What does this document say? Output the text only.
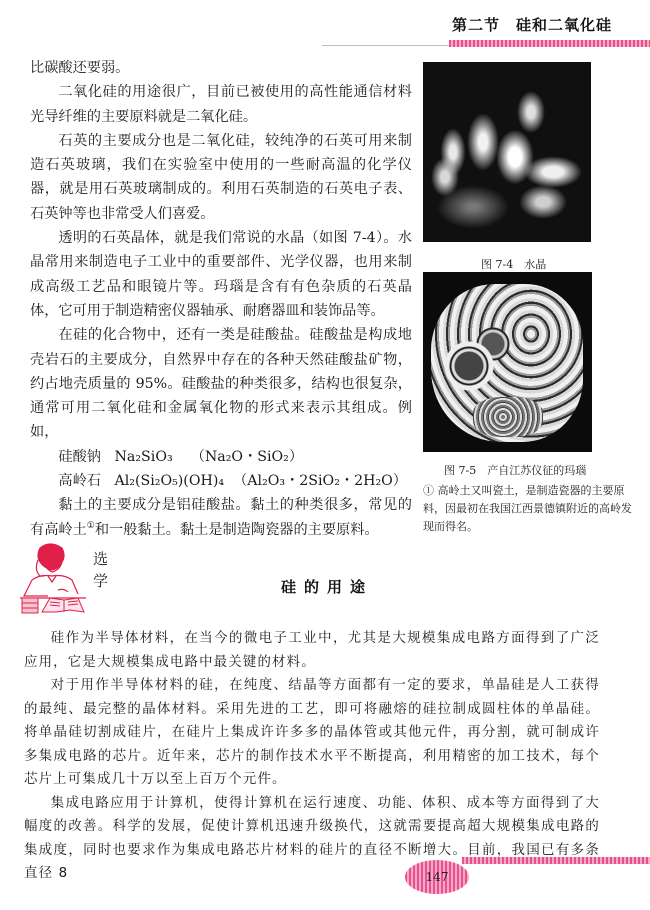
第二节　硅和二氧化硅

比碳酸还要弱。

二氧化硅的用途很广，目前已被使用的高性能通信材料光导纤维的主要原料就是二氧化硅。

石英的主要成分也是二氧化硅，较纯净的石英可用来制造石英玻璃，我们在实验室中使用的一些耐高温的化学仪器，就是用石英玻璃制成的。利用石英制造的石英电子表、石英钟等也非常受人们喜爱。

透明的石英晶体，就是我们常说的水晶（如图 7-4）。水晶常用来制造电子工业中的重要部件、光学仪器，也用来制成高级工艺品和眼镜片等。玛瑙是含有有色杂质的石英晶体，它可用于制造精密仪器轴承、耐磨器皿和装饰品等。

在硅的化合物中，还有一类是硅酸盐。硅酸盐是构成地壳岩石的主要成分，自然界中存在的各种天然硅酸盐矿物，约占地壳质量的 95%。硅酸盐的种类很多，结构也很复杂，通常可用二氧化硅和金属氧化物的形式来表示其组成。例如，

硅酸钠 Na₂SiO₃ （Na₂O・SiO₂）
高岭石 Al₂(Si₂O₅)(OH)₄ （Al₂O₃・2SiO₂・2H₂O）

黏土的主要成分是铝硅酸盐。黏土的种类很多，常见的有高岭土①和一般黏土。黏土是制造陶瓷器的主要原料。

图 7-4　水晶
图 7-5　产自江苏仪征的玛瑙

① 高岭土又叫瓷土，是制造瓷器的主要原料，因最初在我国江西景德镇附近的高岭发现而得名。

选
学	硅的用途

硅作为半导体材料，在当今的微电子工业中，尤其是大规模集成电路方面得到了广泛应用，它是大规模集成电路中最关键的材料。

对于用作半导体材料的硅，在纯度、结晶等方面都有一定的要求，单晶硅是人工获得的最纯、最完整的晶体材料。采用先进的工艺，即可将融熔的硅拉制成圆柱体的单晶硅。将单晶硅切割成硅片，在硅片上集成许许多多的晶体管或其他元件，再分割，就可制成许多集成电路的芯片。近年来，芯片的制作技术水平不断提高，利用精密的加工技术，每个芯片上可集成几十万以至上百万个元件。

集成电路应用于计算机，使得计算机在运行速度、功能、体积、成本等方面得到了大幅度的改善。科学的发展，促使计算机迅速升级换代，这就需要提高超大规模集成电路的集成度，同时也要求作为集成电路芯片材料的硅片的直径不断增大。目前，我国已有多条直径 8	147
